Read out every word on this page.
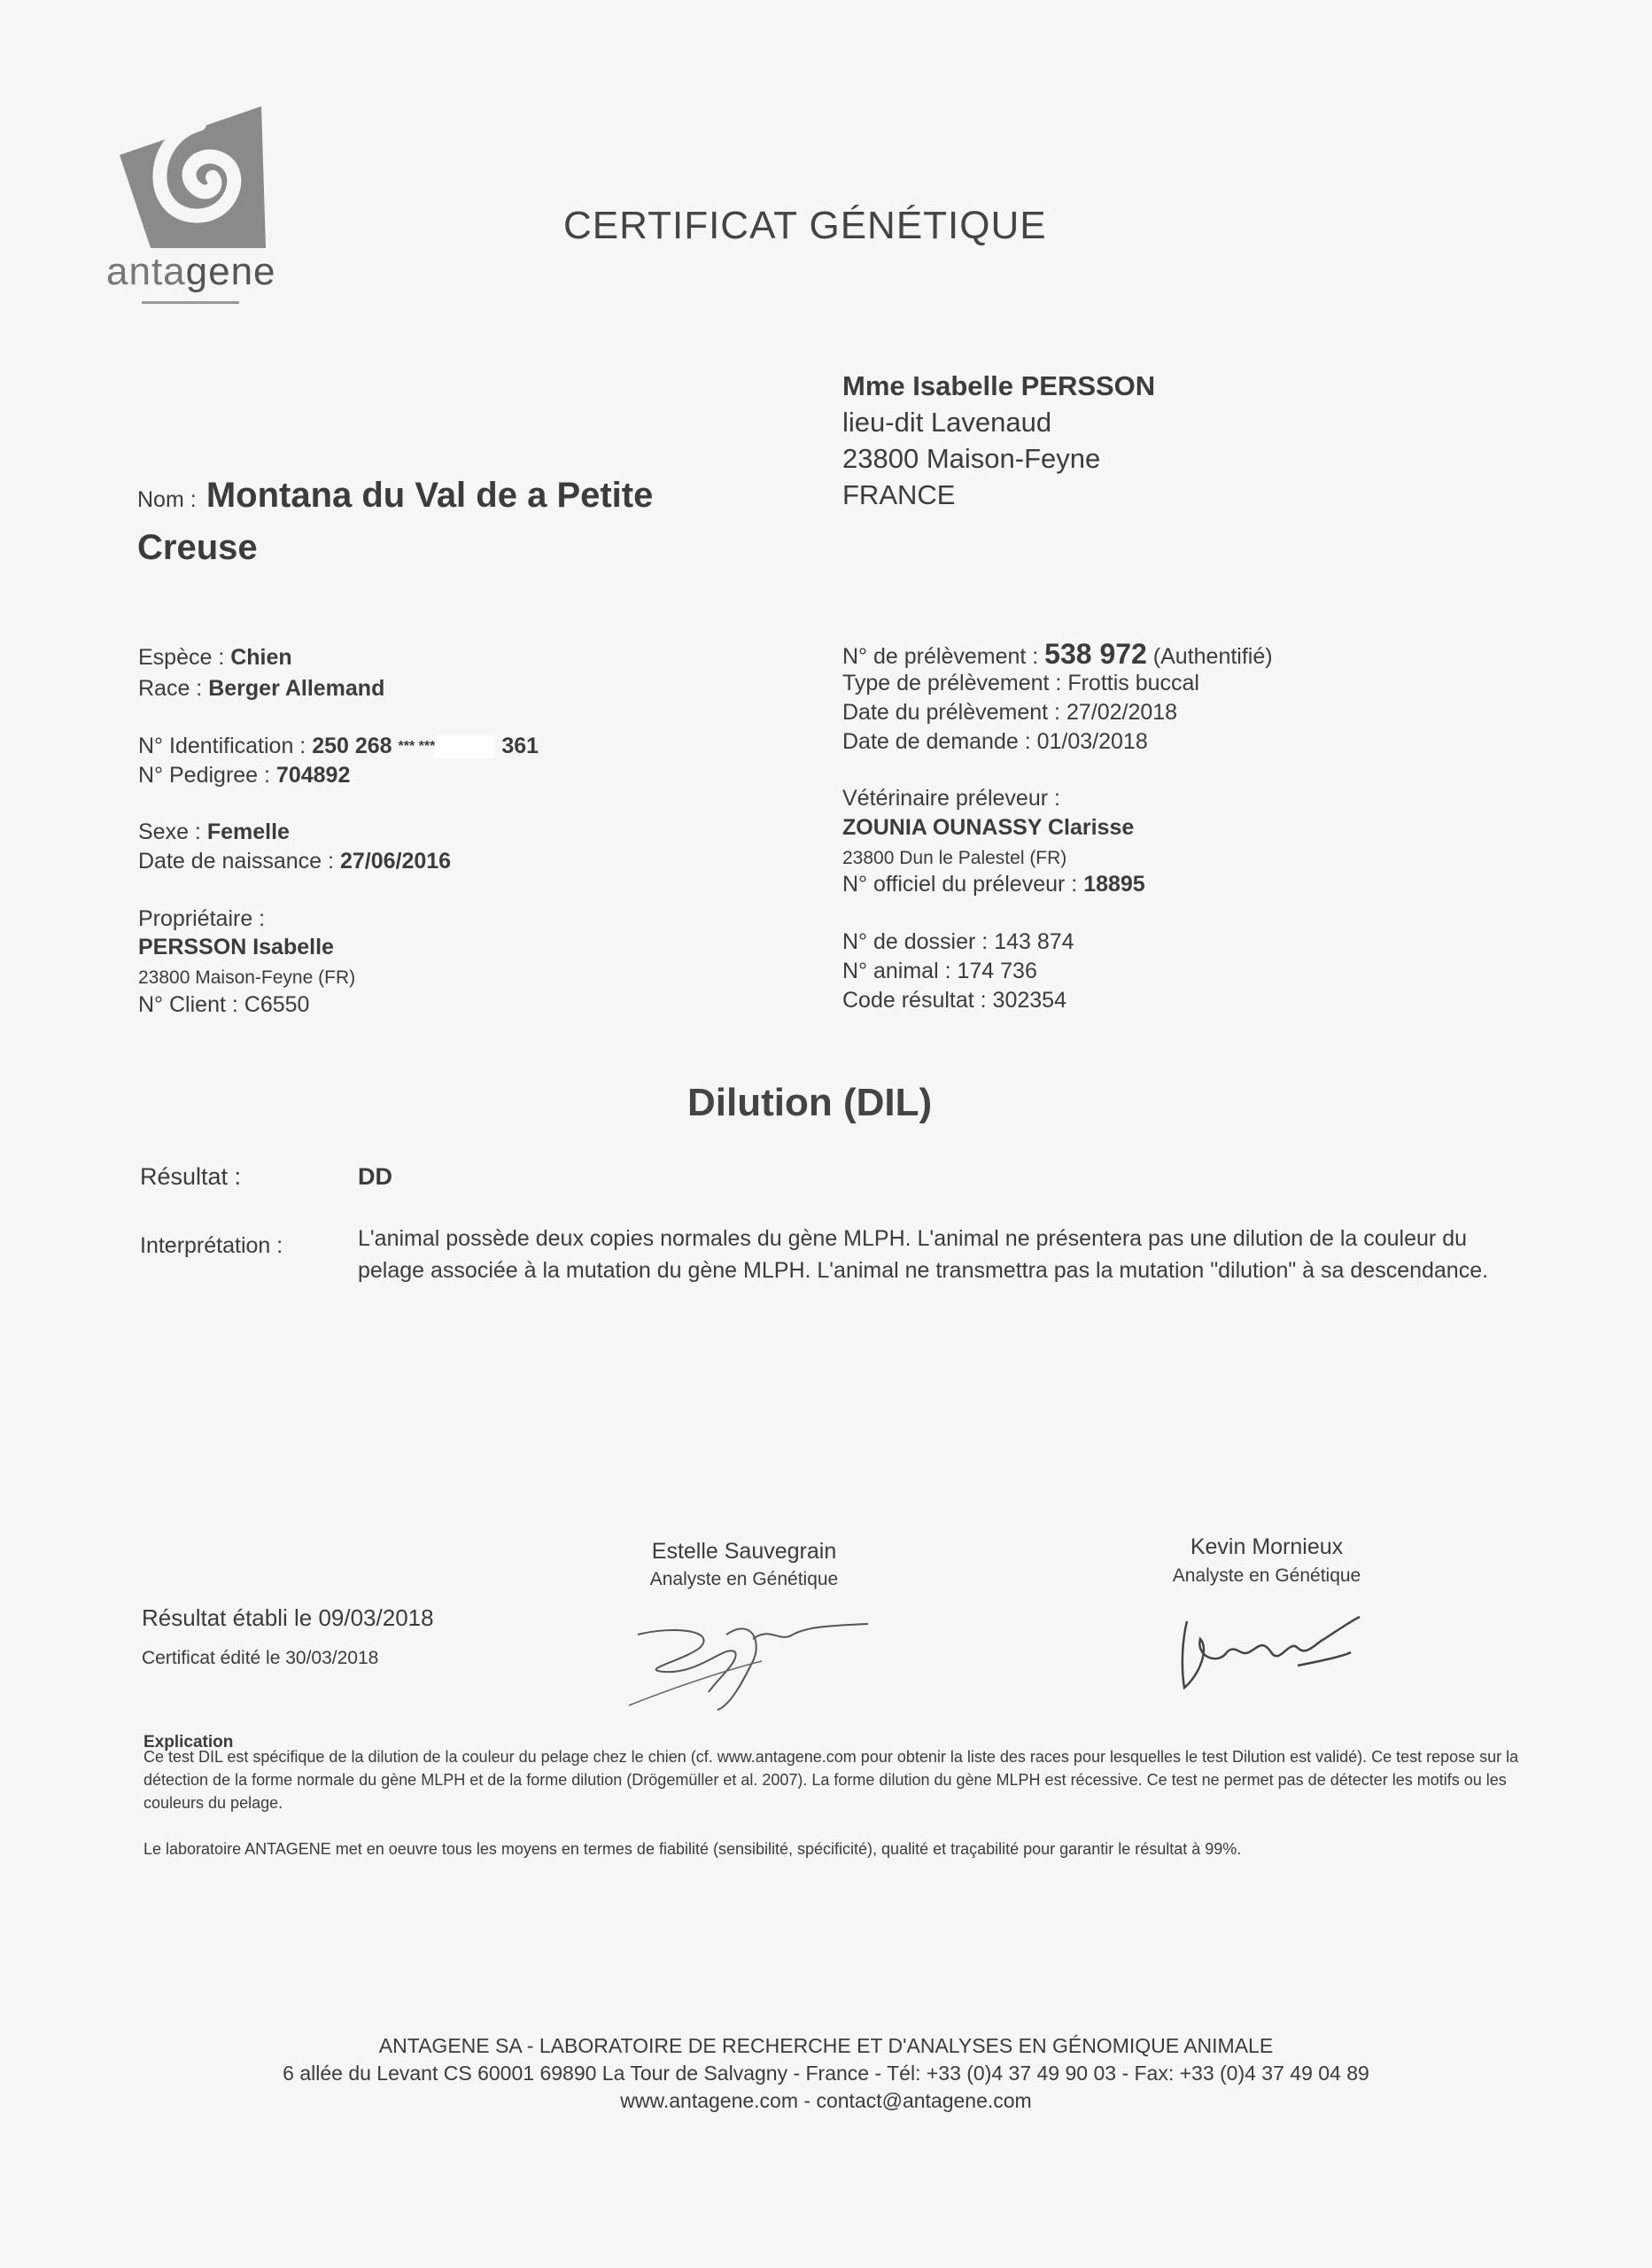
antagene
CERTIFICAT GÉNÉTIQUE
Mme Isabelle PERSSON
lieu-dit Lavenaud
23800 Maison-Feyne
FRANCE
Nom : Montana du Val de a Petite Creuse
Espèce : Chien
Race : Berger Allemand
N° Identification : 250 268 *** ***	361
N° Pedigree : 704892
Sexe : Femelle
Date de naissance : 27/06/2016
Propriétaire :
PERSSON Isabelle
23800 Maison-Feyne (FR)
N° Client : C6550
N° de prélèvement : 538 972 (Authentifié)
Type de prélèvement : Frottis buccal
Date du prélèvement : 27/02/2018
Date de demande : 01/03/2018
Vétérinaire préleveur :
ZOUNIA OUNASSY Clarisse
23800 Dun le Palestel (FR)
N° officiel du préleveur : 18895
N° de dossier : 143 874
N° animal : 174 736
Code résultat : 302354
Dilution (DIL)
Résultat :	DD
Interprétation :	L'animal possède deux copies normales du gène MLPH. L'animal ne présentera pas une dilution de la couleur du pelage associée à la mutation du gène MLPH. L'animal ne transmettra pas la mutation "dilution" à sa descendance.
Estelle Sauvegrain
Analyste en Génétique
Kevin Mornieux
Analyste en Génétique
Résultat établi le 09/03/2018
Certificat édité le 30/03/2018
Explication
Ce test DIL est spécifique de la dilution de la couleur du pelage chez le chien (cf. www.antagene.com pour obtenir la liste des races pour lesquelles le test Dilution est validé). Ce test repose sur la détection de la forme normale du gène MLPH et de la forme dilution (Drögemüller et al. 2007). La forme dilution du gène MLPH est récessive. Ce test ne permet pas de détecter les motifs ou les couleurs du pelage.
Le laboratoire ANTAGENE met en oeuvre tous les moyens en termes de fiabilité (sensibilité, spécificité), qualité et traçabilité pour garantir le résultat à 99%.
ANTAGENE SA - LABORATOIRE DE RECHERCHE ET D'ANALYSES EN GÉNOMIQUE ANIMALE
6 allée du Levant CS 60001 69890 La Tour de Salvagny - France - Tél: +33 (0)4 37 49 90 03 - Fax: +33 (0)4 37 49 04 89
www.antagene.com - contact@antagene.com
